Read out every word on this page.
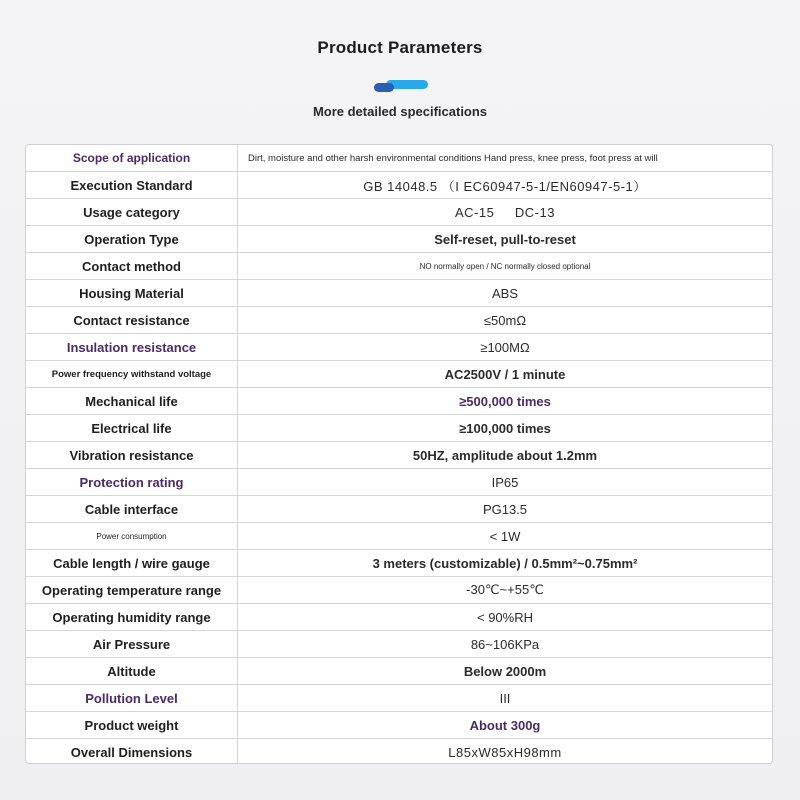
Product Parameters
More detailed specifications
Scope of application	Dirt, moisture and other harsh environmental conditions Hand press, knee press, foot press at will
Execution Standard	GB 14048.5 （I EC60947-5-1/EN60947-5-1）
Usage category	AC-15     DC-13
Operation Type	Self-reset, pull-to-reset
Contact method	NO normally open / NC normally closed optional
Housing Material	ABS
Contact resistance	≤50mΩ
Insulation resistance	≥100MΩ
Power frequency withstand voltage	AC2500V / 1 minute
Mechanical life	≥500,000 times
Electrical life	≥100,000 times
Vibration resistance	50HZ, amplitude about 1.2mm
Protection rating	IP65
Cable interface	PG13.5
Power consumption	< 1W
Cable length / wire gauge	3 meters (customizable) / 0.5mm²~0.75mm²
Operating temperature range	-30℃~+55℃
Operating humidity range	< 90%RH
Air Pressure	86~106KPa
Altitude	Below 2000m
Pollution Level	III
Product weight	About 300g
Overall Dimensions	L85xW85xH98mm
